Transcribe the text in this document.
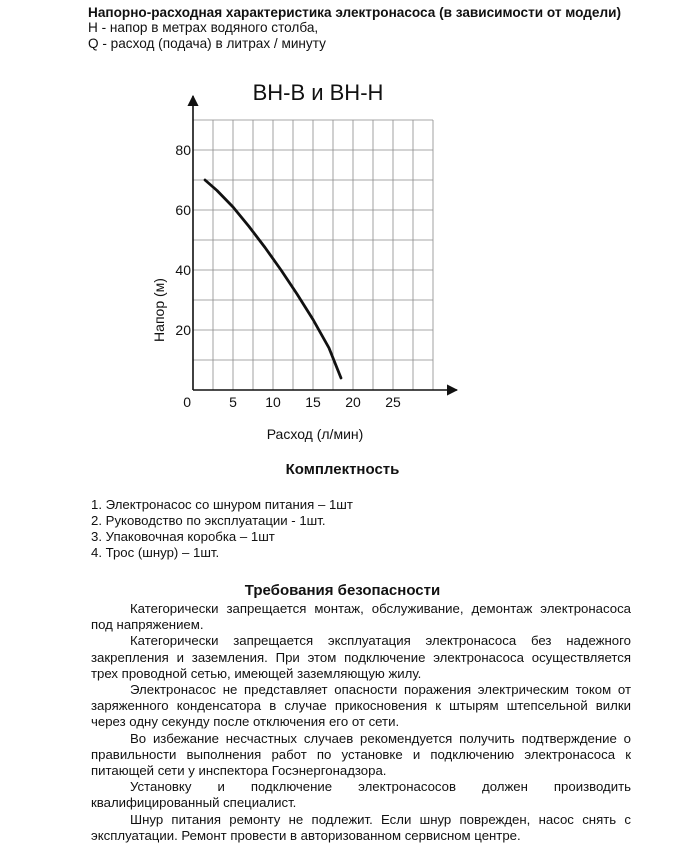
Напорно-расходная характеристика электронасоса (в зависимости от модели)
Н - напор в метрах водяного столба,
Q - расход (подача) в литрах / минуту
ВН-В и ВН-Н
5 10 15 20 25
20
40
60
80
0
Расход (л/мин)
Напор (м)
Комплектность
1. Электронасос со шнуром питания – 1шт
2. Руководство по эксплуатации - 1шт.
3. Упаковочная коробка – 1шт
4. Трос (шнур) – 1шт.
Требования безопасности

Категорически запрещается монтаж, обслуживание, демонтаж электронасоса под напряжением.

Категорически запрещается эксплуатация электронасоса без надежного закрепления и заземления. При этом подключение электронасоса осуществляется трех проводной сетью, имеющей заземляющую жилу.

Электронасос не представляет опасности поражения электрическим током от заряженного конденсатора в случае прикосновения к штырям штепсельной вилки через одну секунду после отключения его от сети.

Во избежание несчастных случаев рекомендуется получить подтверждение о правильности выполнения работ по установке и подключению электронасоса к питающей сети у инспектора Госэнергонадзора.

Установку и подключение электронасосов должен производить квалифицированный специалист.

Шнур питания ремонту не подлежит. Если шнур поврежден, насос снять с эксплуатации. Ремонт провести в авторизованном сервисном центре.
